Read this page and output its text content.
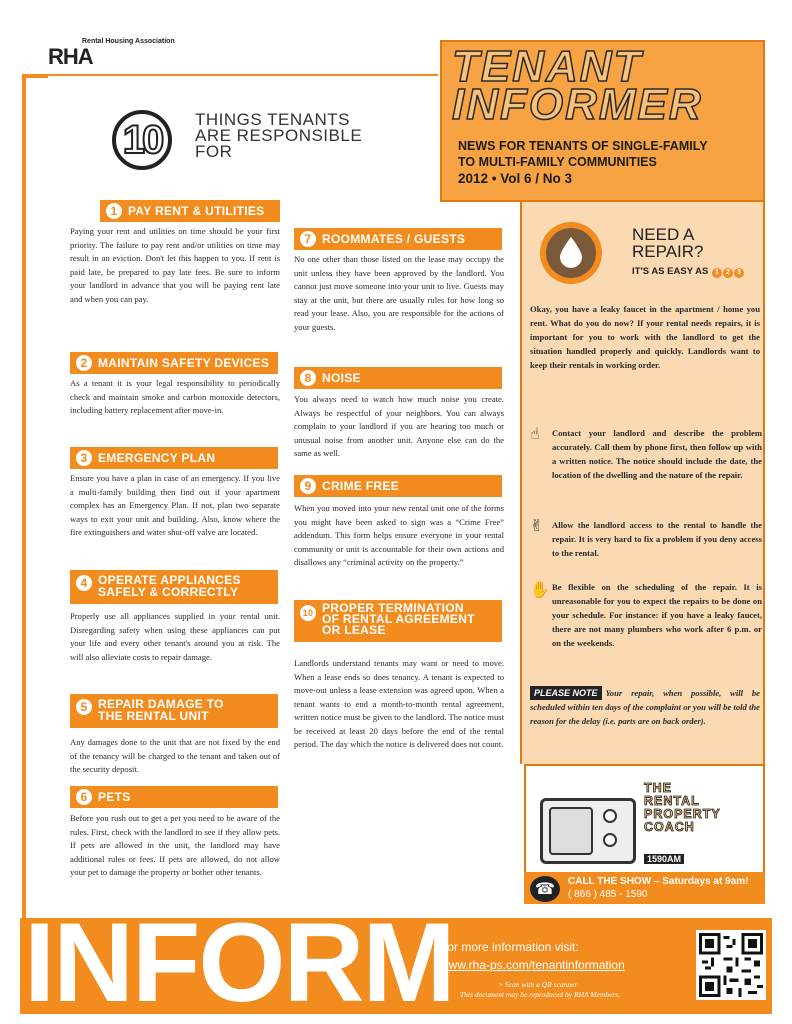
Rental Housing Association
RHA	TENANT
INFORMER
NEWS FOR TENANTS OF SINGLE-FAMILY
TO MULTI-FAMILY COMMUNITIES
2012 • Vol 6 / No 3
10	THINGS TENANTS
ARE RESPONSIBLE
FOR
1 PAY RENT & UTILITIES
Paying your rent and utilities on time should be your first priority. The failure to pay rent and/or utilities on time may result in an eviction. Don't let this happen to you. If rent is paid late, be prepared to pay late fees. Be sure to inform your landlord in advance that you will be paying rent late and when you can pay.
2 MAINTAIN SAFETY DEVICES
As a tenant it is your legal responsibility to periodically check and maintain smoke and carbon monoxide detectors, including battery replacement after move-in.
3 EMERGENCY PLAN
Ensure you have a plan in case of an emergency. If you live a multi-family building then find out if your apartment complex has an Emergency Plan. If not, plan two separate ways to exit your unit and building. Also, know where the fire extinguishers and water shut-off valve are located.
4 OPERATE APPLIANCES
SAFELY & CORRECTLY
Properly use all appliances supplied in your rental unit. Disregarding safety when using these appliances can put your life and every other tenant's around you at risk. The will also alleviate costs to repair damage.
5 REPAIR DAMAGE TO
THE RENTAL UNIT
Any damages done to the unit that are not fixed by the end of the tenancy will be charged to the tenant and taken out of the security deposit.
6 PETS
Before you rush out to get a pet you need to be aware of the rules. First, check with the landlord to see if they allow pets. If pets are allowed in the unit, the landlord may have additional rules or fees. If pets are allowed, do not allow your pet to damage the property or bother other tenants.
7 ROOMMATES / GUESTS
No one other than those listed on the lease may occupy the unit unless they have been approved by the landlord. You cannot just move someone into your unit to live. Guests may stay at the unit, but there are usually rules for how long so read your lease. Also, you are responsible for the actions of your guests.
8 NOISE
You always need to watch how much noise you create. Always be respectful of your neighbors. You can always complain to your landlord if you are hearing too much or unusual noise from another unit. Anyone else can do the same as well.
9 CRIME FREE
When you moved into your new rental unit one of the forms you might have been asked to sign was a “Crime Free” addendum. This form helps ensure everyone in your rental community or unit is accountable for their own actions and disallows any “criminal activity on the property.”
10 PROPER TERMINATION
OF RENTAL AGREEMENT
OR LEASE
Landlords understand tenants may want or need to move. When a lease ends so does tenancy. A tenant is expected to move-out unless a lease extension was agreed upon. When a tenant wants to end a month-to-month rental agreement, written notice must be given to the landlord. The notice must be received at least 20 days before the end of the rental period. The day which the notice is delivered does not count.
NEED A
REPAIR?
IT'S AS EASY AS 1 2 3
Okay, you have a leaky faucet in the apartment / home you rent. What do you do now? If your rental needs repairs, it is important for you to work with the landlord to get the situation handled properly and quickly. Landlords want to keep their rentals in working order.
☝ Contact your landlord and describe the problem accurately. Call them by phone first, then follow up with a written notice. The notice should include the date, the location of the dwelling and the nature of the repair.
✌ Allow the landlord access to the rental to handle the repair. It is very hard to fix a problem if you deny access to the rental.
✋ Be flexible on the scheduling of the repair. It is unreasonable for you to expect the repairs to be done on your schedule. For instance: if you have a leaky faucet, there are not many plumbers who work after 6 p.m. or on the weekends.
PLEASE NOTE Your repair, when possible, will be scheduled within ten days of the complaint or you will be told the reason for the delay (i.e. parts are on back order).
THE
RENTAL
PROPERTY
COACH
1590AM
☎	CALL THE SHOW – Saturdays at 9am!
( 866 ) 485 - 1590
INFORM
For more information visit:
www.rha-ps.com/tenantinformation
> Scan with a QR scanner
This document may be reproduced by RHA Members.
